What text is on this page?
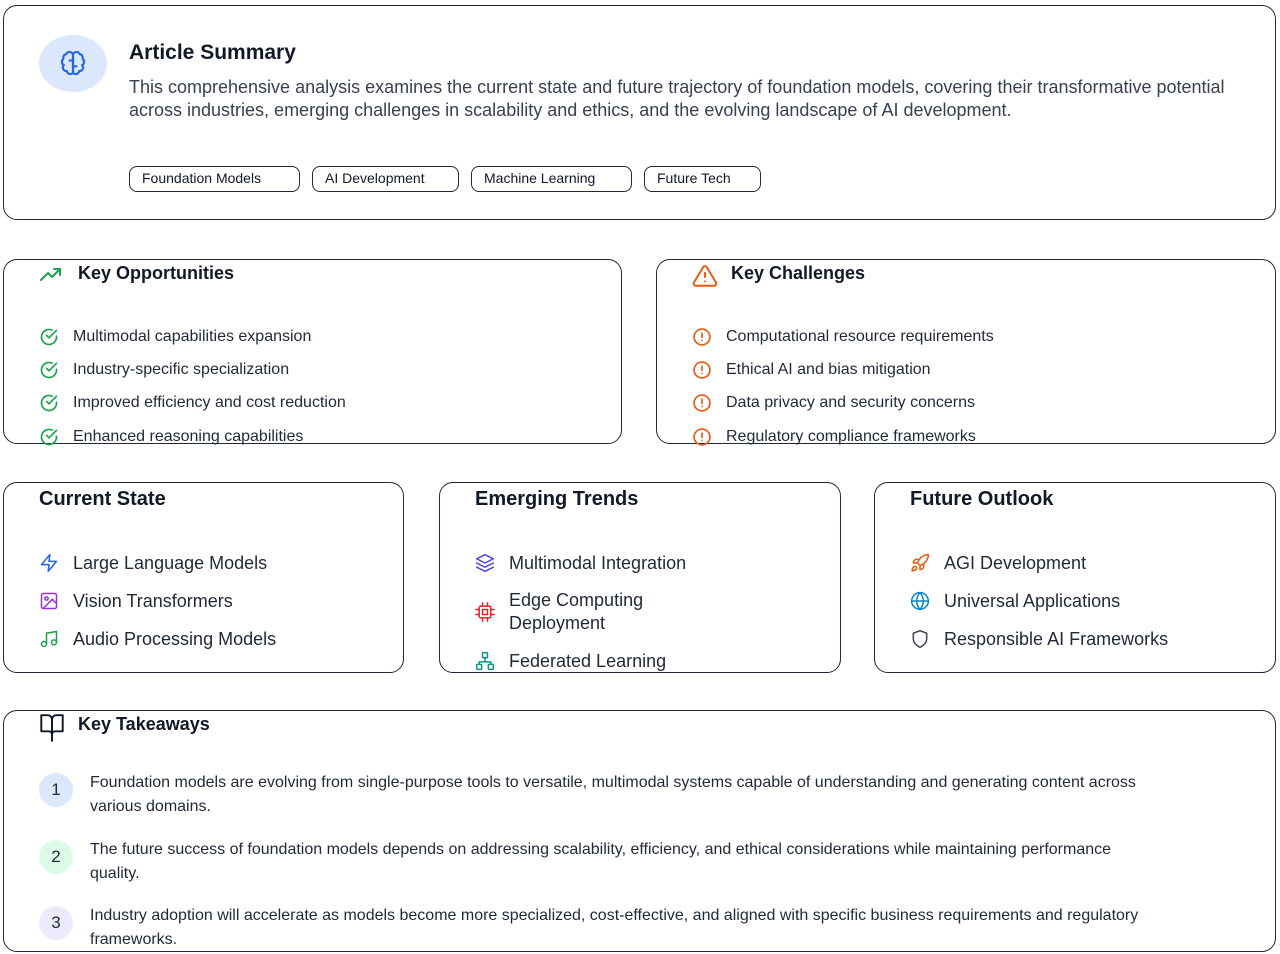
Article Summary
This comprehensive analysis examines the current state and future trajectory of foundation models, covering their transformative potential across industries, emerging challenges in scalability and ethics, and the evolving landscape of AI development.
Foundation Models	AI Development	Machine Learning	Future Tech
Key Opportunities
Multimodal capabilities expansion
Industry-specific specialization
Improved efficiency and cost reduction
Enhanced reasoning capabilities
Key Challenges
Computational resource requirements
Ethical AI and bias mitigation
Data privacy and security concerns
Regulatory compliance frameworks
Current State
Large Language Models
Vision Transformers
Audio Processing Models
Emerging Trends
Multimodal Integration
Edge Computing Deployment
Federated Learning
Future Outlook
AGI Development
Universal Applications
Responsible AI Frameworks
Key Takeaways
1	Foundation models are evolving from single-purpose tools to versatile, multimodal systems capable of understanding and generating content across various domains.
2	The future success of foundation models depends on addressing scalability, efficiency, and ethical considerations while maintaining performance quality.
3	Industry adoption will accelerate as models become more specialized, cost-effective, and aligned with specific business requirements and regulatory frameworks.
